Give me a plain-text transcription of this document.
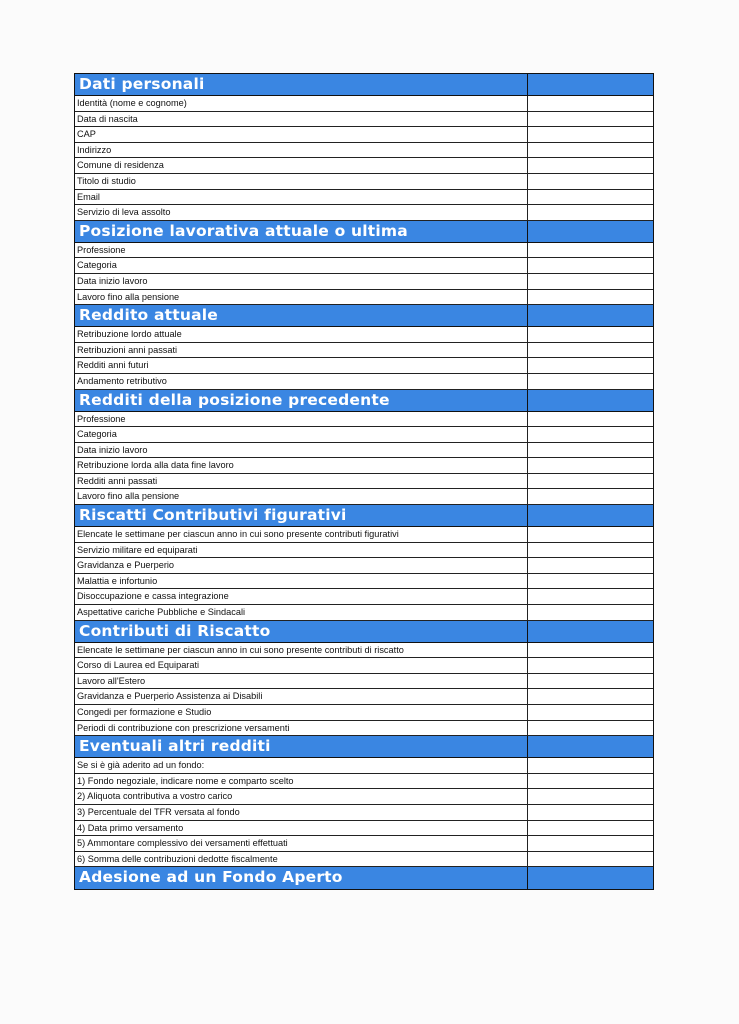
Dati personali
Identità (nome e cognome)
Data di nascita
CAP
Indirizzo
Comune di residenza
Titolo di studio
Email
Servizio di leva assolto
Posizione lavorativa attuale o ultima
Professione
Categoria
Data inizio lavoro
Lavoro fino alla pensione
Reddito attuale
Retribuzione lordo attuale
Retribuzioni anni passati
Redditi anni futuri
Andamento retributivo
Redditi della posizione precedente
Professione
Categoria
Data inizio lavoro
Retribuzione lorda alla data fine lavoro
Redditi anni passati
Lavoro fino alla pensione
Riscatti Contributivi figurativi
Elencate le settimane per ciascun anno in cui sono presente contributi figurativi
Servizio militare ed equiparati
Gravidanza e Puerperio
Malattia e infortunio
Disoccupazione e cassa integrazione
Aspettative cariche Pubbliche e Sindacali
Contributi di Riscatto
Elencate le settimane per ciascun anno in cui sono presente contributi di riscatto
Corso di Laurea ed Equiparati
Lavoro all'Estero
Gravidanza e Puerperio Assistenza ai Disabili
Congedi per formazione e Studio
Periodi di contribuzione con prescrizione versamenti
Eventuali altri redditi
Se si è già aderito ad un fondo:
1) Fondo negoziale, indicare nome e comparto scelto
2) Aliquota contributiva a vostro carico
3) Percentuale del TFR versata al fondo
4) Data primo versamento
5) Ammontare complessivo dei versamenti effettuati
6) Somma delle contribuzioni dedotte fiscalmente
Adesione ad un Fondo Aperto
